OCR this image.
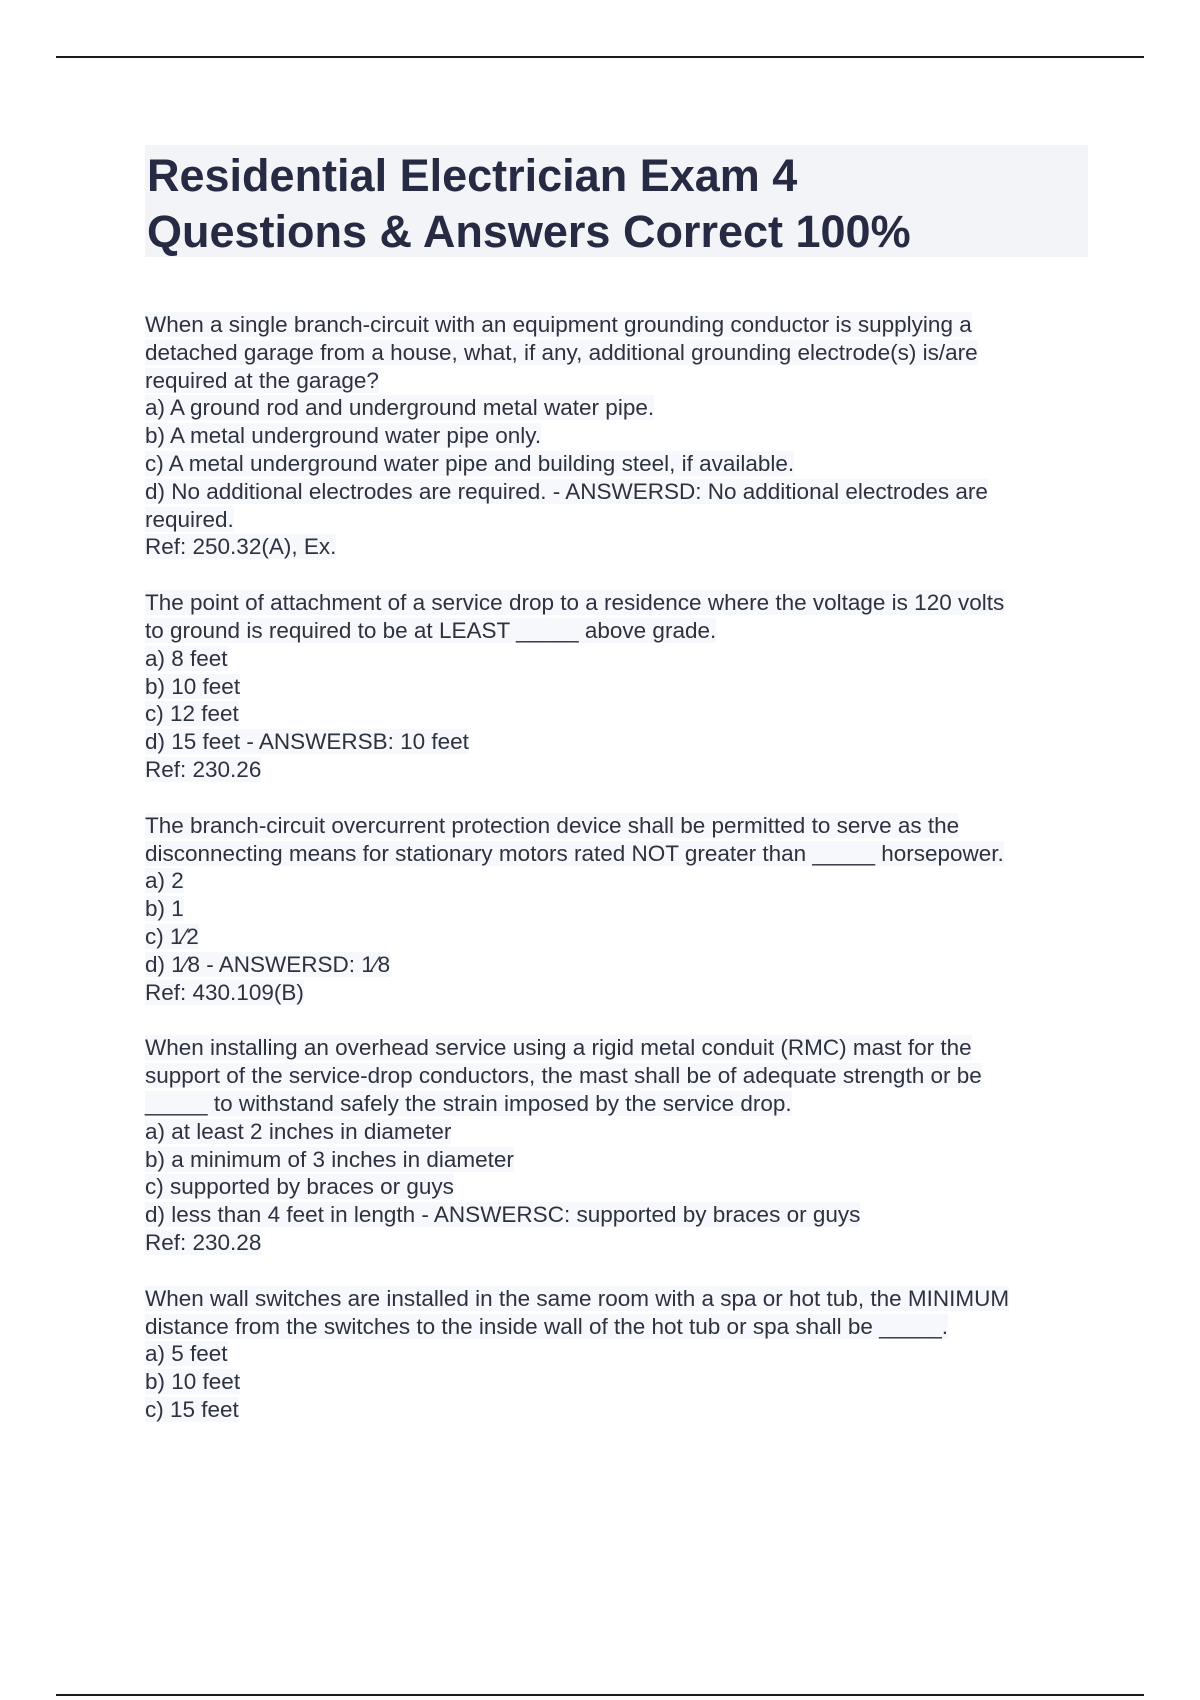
Residential Electrician Exam 4
Questions & Answers Correct 100%
When a single branch-circuit with an equipment grounding conductor is supplying a
detached garage from a house, what, if any, additional grounding electrode(s) is/are
required at the garage?
a) A ground rod and underground metal water pipe.
b) A metal underground water pipe only.
c) A metal underground water pipe and building steel, if available.
d) No additional electrodes are required. - ANSWERSD: No additional electrodes are
required.
Ref: 250.32(A), Ex.
The point of attachment of a service drop to a residence where the voltage is 120 volts
to ground is required to be at LEAST _____ above grade.
a) 8 feet
b) 10 feet
c) 12 feet
d) 15 feet - ANSWERSB: 10 feet
Ref: 230.26
The branch-circuit overcurrent protection device shall be permitted to serve as the
disconnecting means for stationary motors rated NOT greater than _____ horsepower.
a) 2
b) 1
c) 1⁄2
d) 1⁄8 - ANSWERSD: 1⁄8
Ref: 430.109(B)
When installing an overhead service using a rigid metal conduit (RMC) mast for the
support of the service-drop conductors, the mast shall be of adequate strength or be
_____ to withstand safely the strain imposed by the service drop.
a) at least 2 inches in diameter
b) a minimum of 3 inches in diameter
c) supported by braces or guys
d) less than 4 feet in length - ANSWERSC: supported by braces or guys
Ref: 230.28
When wall switches are installed in the same room with a spa or hot tub, the MINIMUM
distance from the switches to the inside wall of the hot tub or spa shall be _____.
a) 5 feet
b) 10 feet
c) 15 feet
